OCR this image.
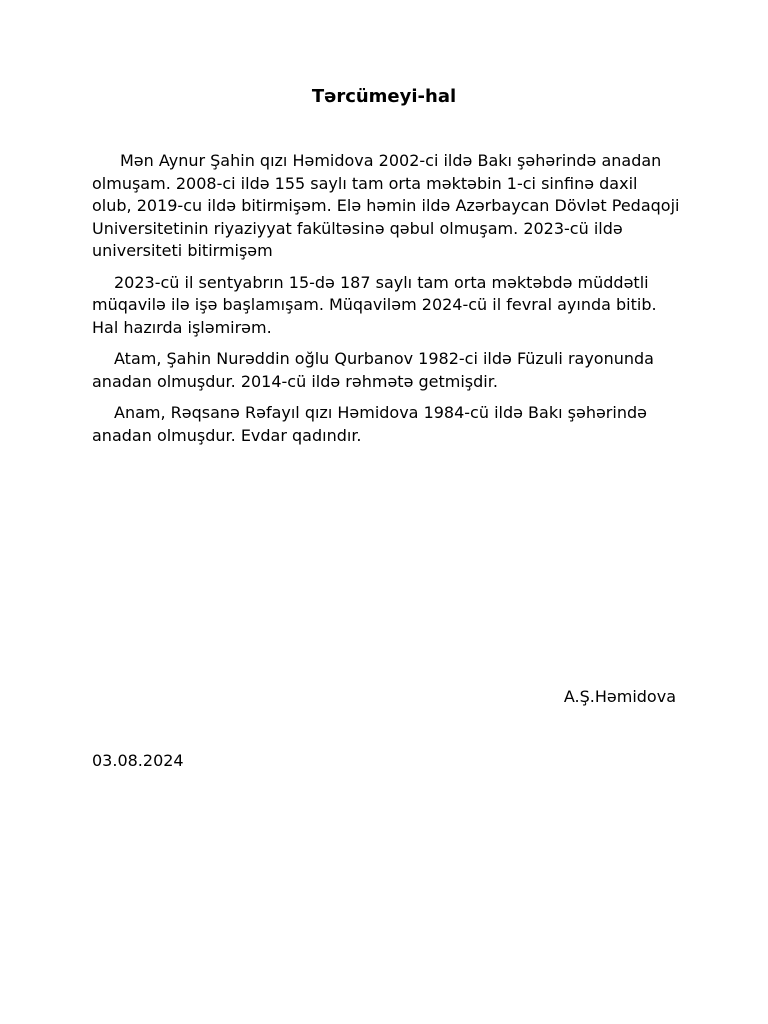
Tərcümeyi-hal

Mən Aynur Şahin qızı Həmidova 2002-ci ildə Bakı şəhərində anadan olmuşam. 2008-ci ildə 155 saylı tam orta məktəbin 1-ci sinfinə daxil olub, 2019-cu ildə bitirmişəm. Elə həmin ildə Azərbaycan Dövlət Pedaqoji Universitetinin riyaziyyat fakültəsinə qəbul olmuşam. 2023-cü ildə universiteti bitirmişəm

2023-cü il sentyabrın 15-də 187 saylı tam orta məktəbdə müddətli müqavilə ilə işə başlamışam. Müqaviləm 2024-cü il fevral ayında bitib. Hal hazırda işləmirəm.

Atam, Şahin Nurəddin oğlu Qurbanov 1982-ci ildə Füzuli rayonunda anadan olmuşdur. 2014-cü ildə rəhmətə getmişdir.

Anam, Rəqsanə Rəfayıl qızı Həmidova 1984-cü ildə Bakı şəhərində anadan olmuşdur. Evdar qadındır.

A.Ş.Həmidova
03.08.2024
